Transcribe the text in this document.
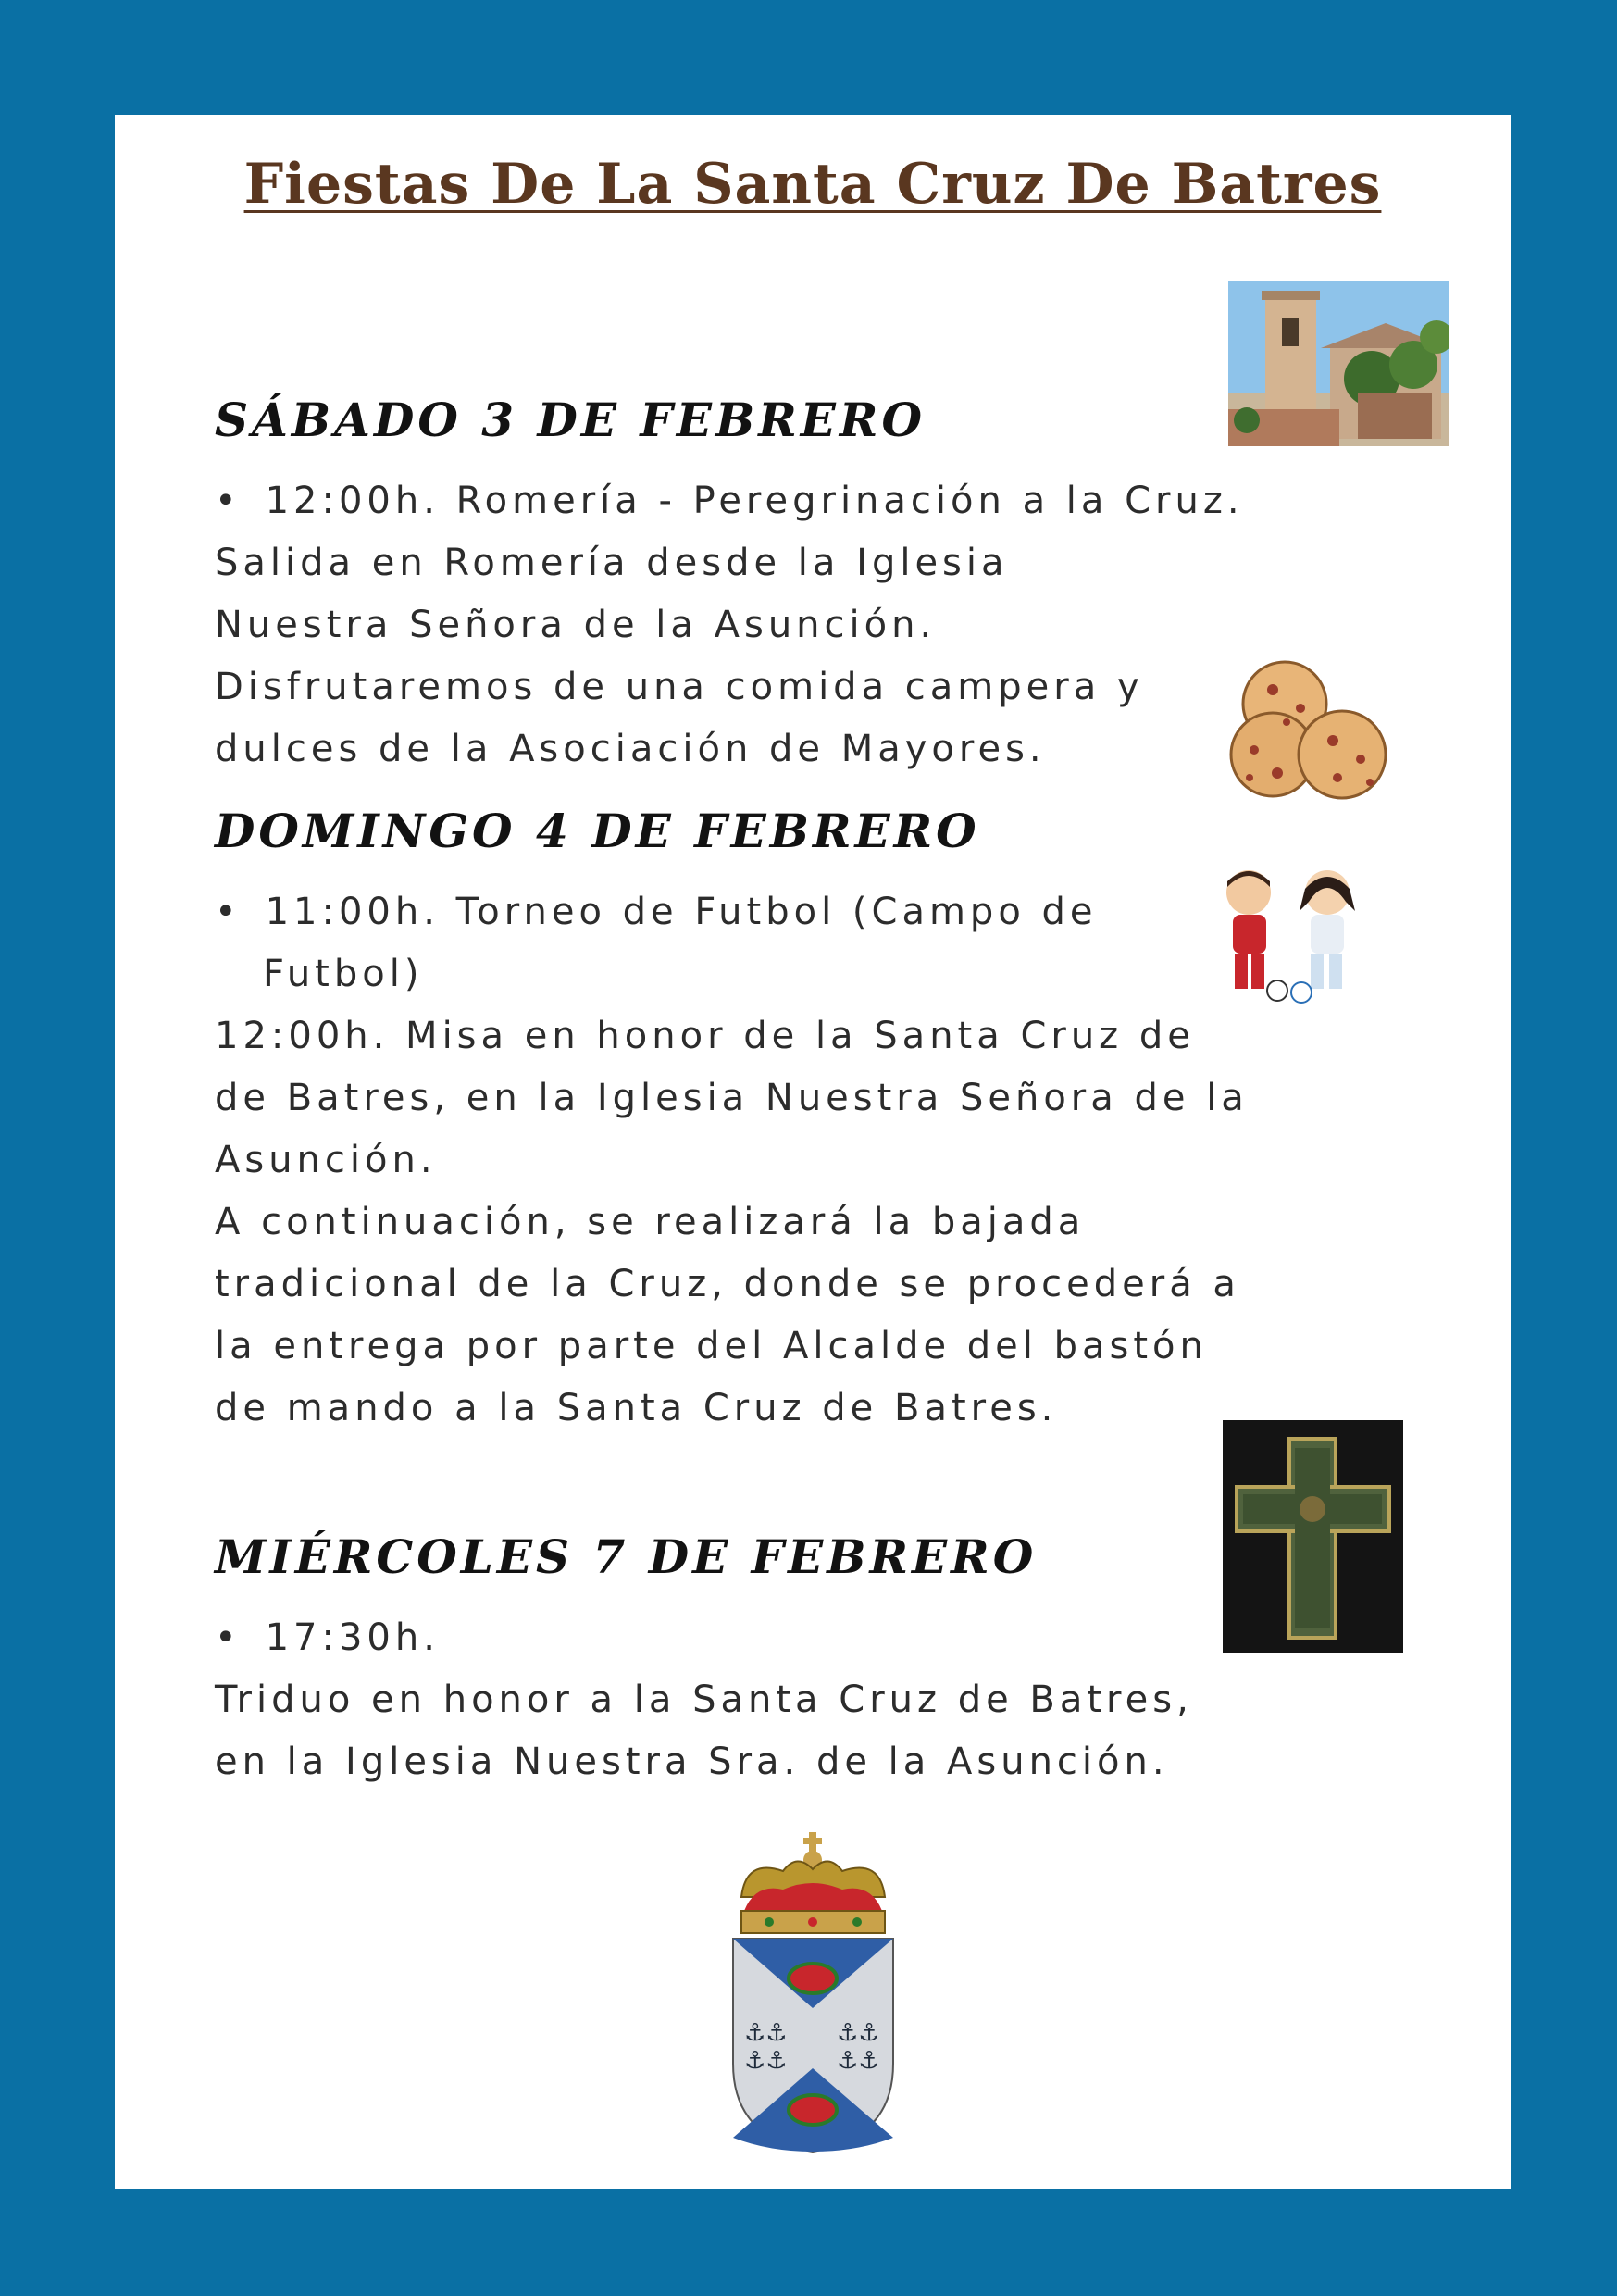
Fiestas De La Santa Cruz De Batres
SÁBADO 3 DE FEBRERO
• 12:00h. Romería - Peregrinación a la Cruz.
Salida en Romería desde la Iglesia
Nuestra Señora de la Asunción.
Disfrutaremos de una comida campera y
dulces de la Asociación de Mayores.
DOMINGO 4 DE FEBRERO
• 11:00h. Torneo de Futbol (Campo de
Futbol)
12:00h. Misa en honor de la Santa Cruz de
de Batres, en la Iglesia Nuestra Señora de la
Asunción.
A continuación, se realizará la bajada
tradicional de la Cruz, donde se procederá a
la entrega por parte del Alcalde del bastón
de mando a la Santa Cruz de Batres.
MIÉRCOLES 7 DE FEBRERO
• 17:30h.
Triduo en honor a la Santa Cruz de Batres,
en la Iglesia Nuestra Sra. de la Asunción.
⚓⚓
⚓⚓
⚓⚓
⚓⚓
